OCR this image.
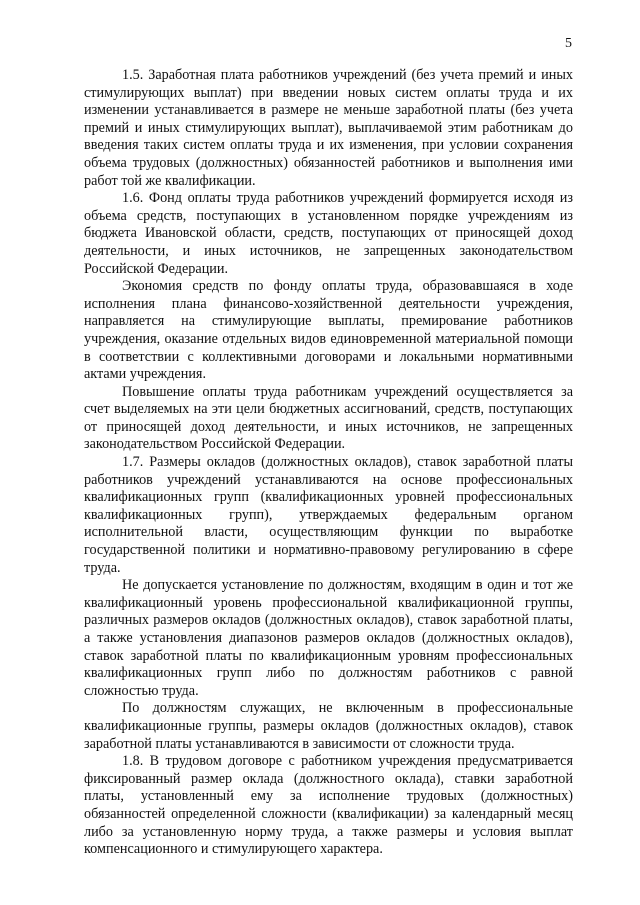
5

1.5. Заработная плата работников учреждений (без учета премий и иных стимулирующих выплат) при введении новых систем оплаты труда и их изменении устанавливается в размере не меньше заработной платы (без учета премий и иных стимулирующих выплат), выплачиваемой этим работникам до введения таких систем оплаты труда и их изменения, при условии сохранения объема трудовых (должностных) обязанностей работников и выполнения ими работ той же квалификации.

1.6. Фонд оплаты труда работников учреждений формируется исходя из объема средств, поступающих в установленном порядке учреждениям из бюджета Ивановской области, средств, поступающих от приносящей доход деятельности, и иных источников, не запрещенных законодательством Российской Федерации.

Экономия средств по фонду оплаты труда, образовавшаяся в ходе исполнения плана финансово-хозяйственной деятельности учреждения, направляется на стимулирующие выплаты, премирование работников учреждения, оказание отдельных видов единовременной материальной помощи в соответствии с коллективными договорами и локальными нормативными актами учреждения.

Повышение оплаты труда работникам учреждений осуществляется за счет выделяемых на эти цели бюджетных ассигнований, средств, поступающих от приносящей доход деятельности, и иных источников, не запрещенных законодательством Российской Федерации.

1.7. Размеры окладов (должностных окладов), ставок заработной платы работников учреждений устанавливаются на основе профессиональных квалификационных групп (квалификационных уровней профессиональных квалификационных групп), утверждаемых федеральным органом исполнительной власти, осуществляющим функции по выработке государственной политики и нормативно-правовому регулированию в сфере труда.

Не допускается установление по должностям, входящим в один и тот же квалификационный уровень профессиональной квалификационной группы, различных размеров окладов (должностных окладов), ставок заработной платы, а также установления диапазонов размеров окладов (должностных окладов), ставок заработной платы по квалификационным уровням профессиональных квалификационных групп либо по должностям работников с равной сложностью труда.

По должностям служащих, не включенным в профессиональные квалификационные группы, размеры окладов (должностных окладов), ставок заработной платы устанавливаются в зависимости от сложности труда.

1.8. В трудовом договоре с работником учреждения предусматривается фиксированный размер оклада (должностного оклада), ставки заработной платы, установленный ему за исполнение трудовых (должностных) обязанностей определенной сложности (квалификации) за календарный месяц либо за установленную норму труда, а также размеры и условия выплат компенсационного и стимулирующего характера.
